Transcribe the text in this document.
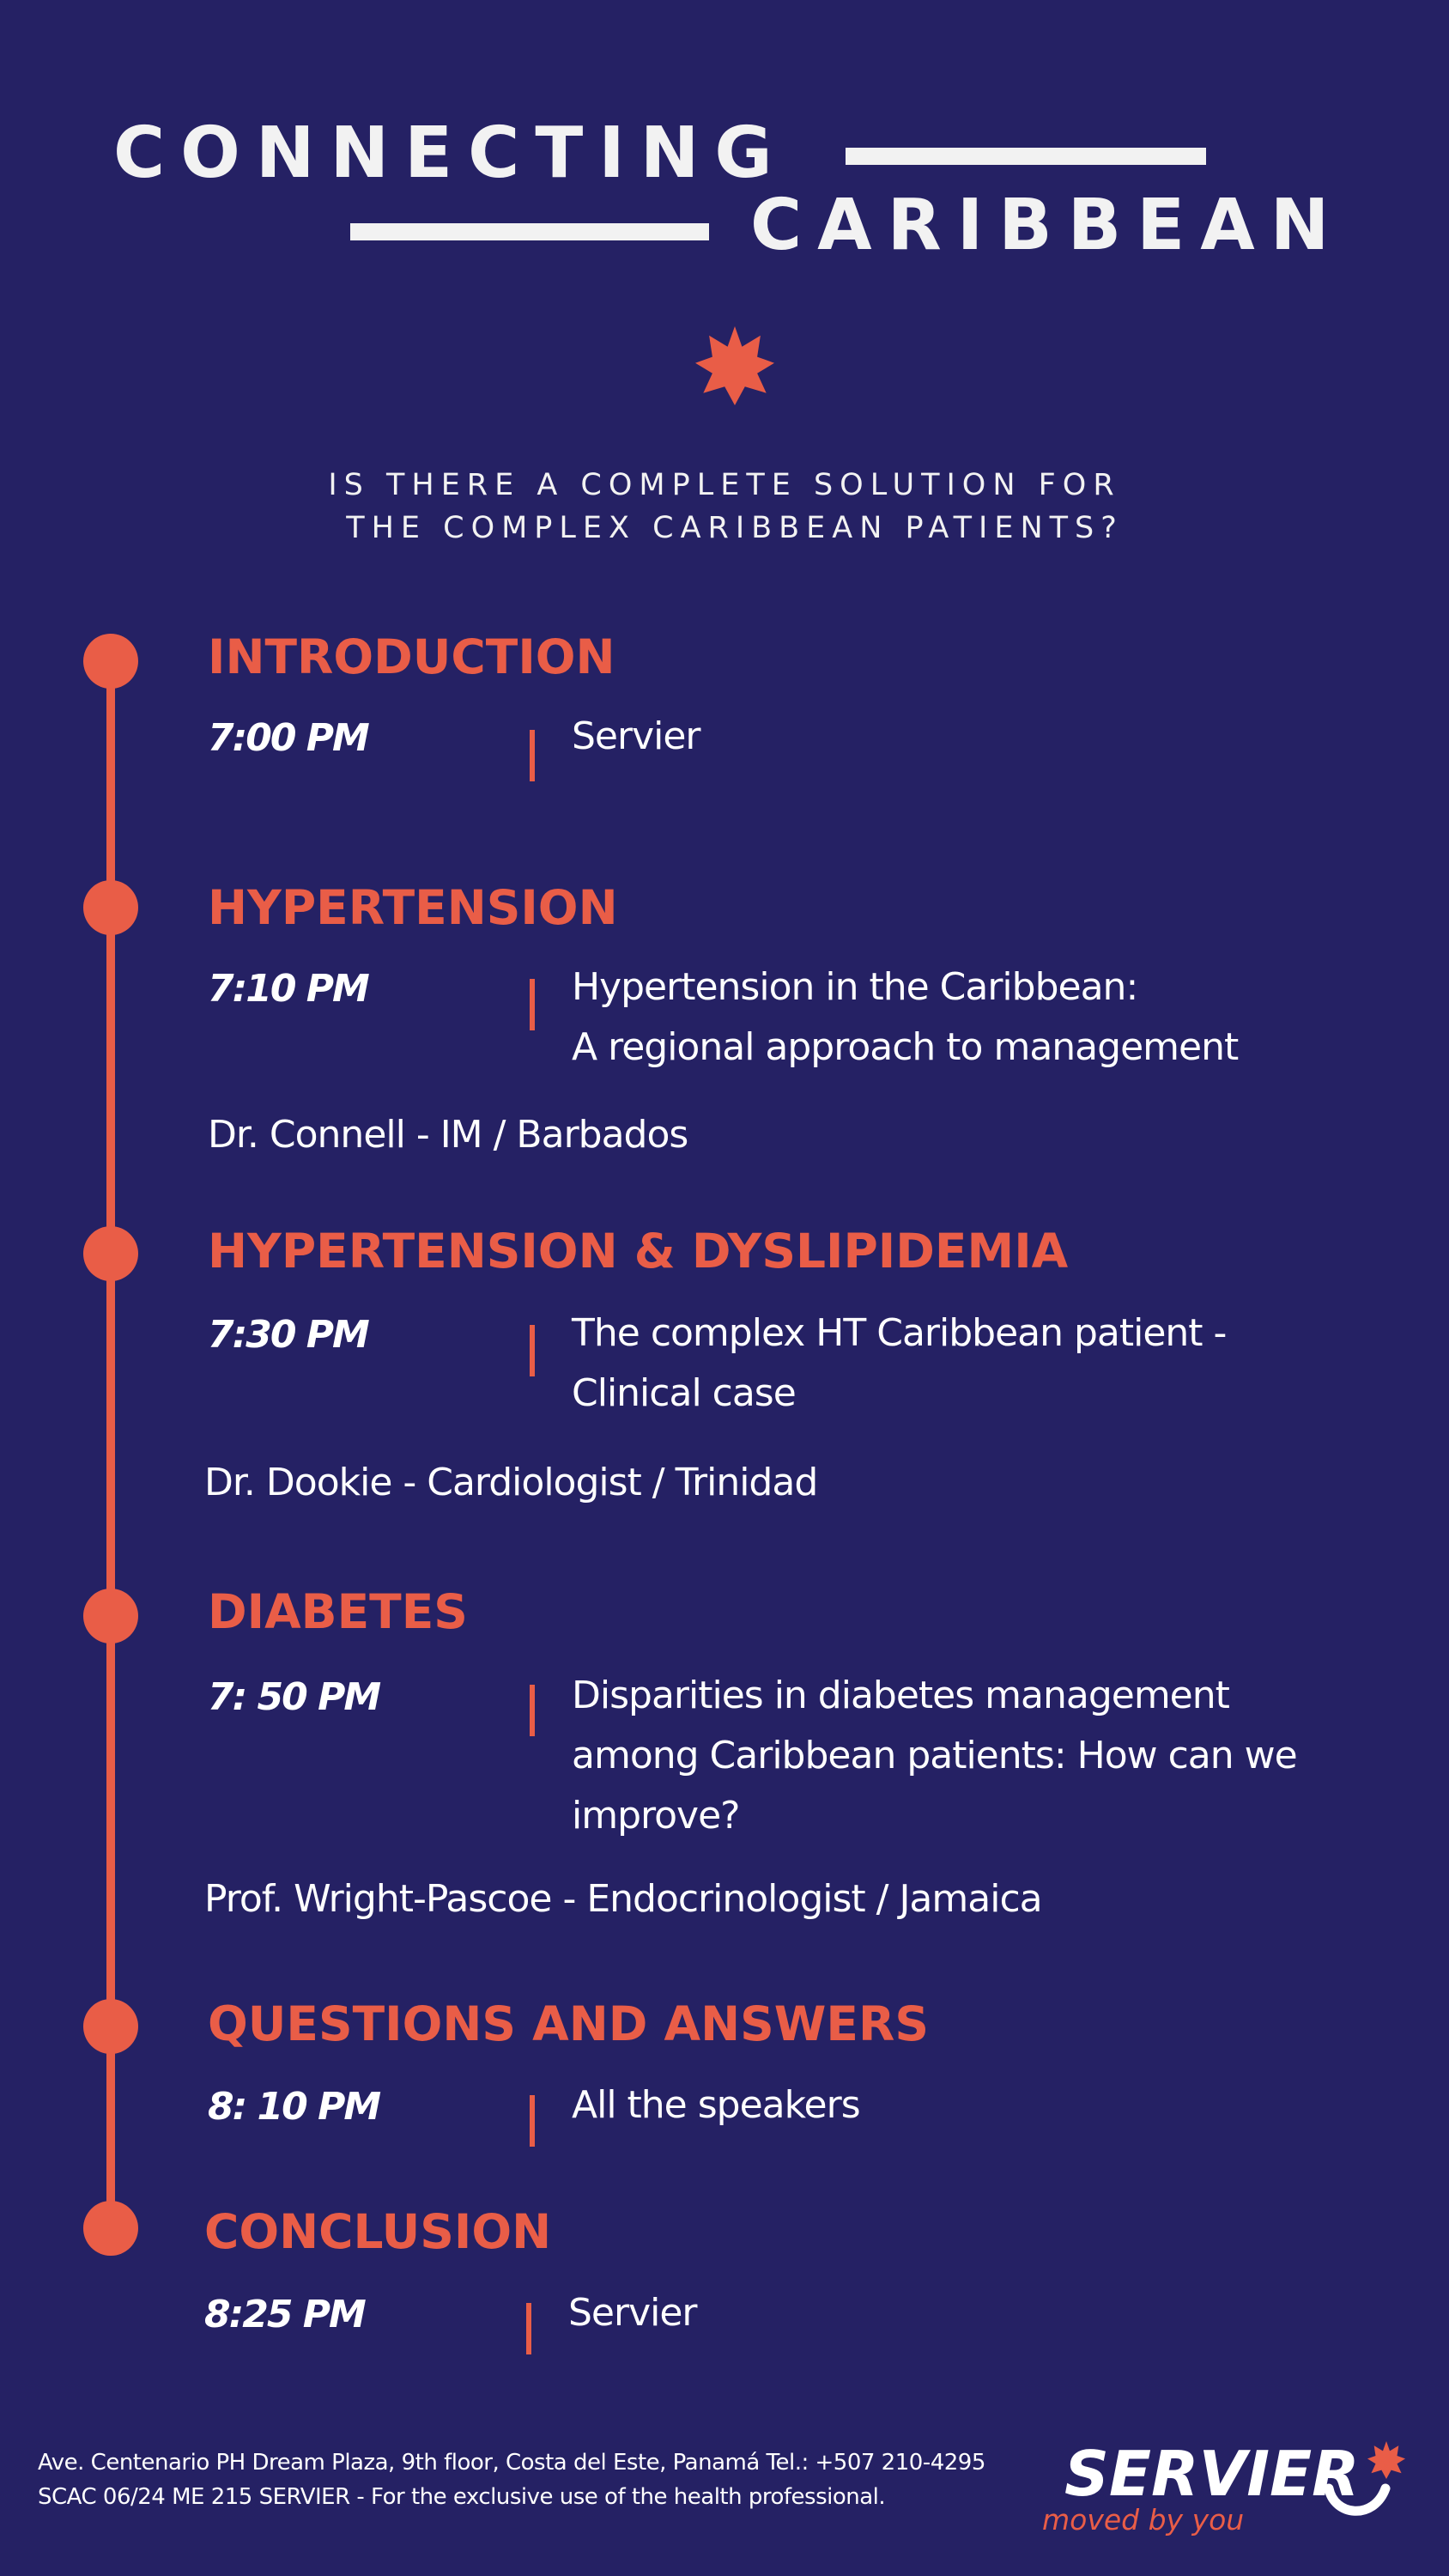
CONNECTING
CARIBBEAN
IS THERE A COMPLETE SOLUTION FOR
THE COMPLEX CARIBBEAN PATIENTS?
INTRODUCTION
7:00 PM	Servier
HYPERTENSION
7:10 PM	Hypertension in the Caribbean:
A regional approach to management
Dr. Connell - IM / Barbados
HYPERTENSION & DYSLIPIDEMIA
7:30 PM	The complex HT Caribbean patient -
Clinical case
Dr. Dookie - Cardiologist / Trinidad
DIABETES
7: 50 PM	Disparities in diabetes management
among Caribbean patients: How can we
improve?
Prof. Wright-Pascoe - Endocrinologist / Jamaica
QUESTIONS AND ANSWERS
8: 10 PM	All the speakers
CONCLUSION
8:25 PM	Servier
Ave. Centenario PH Dream Plaza, 9th floor, Costa del Este, Panamá Tel.: +507 210-4295
SCAC 06/24 ME 215 SERVIER - For the exclusive use of the health professional.	SERVIER
moved by you
